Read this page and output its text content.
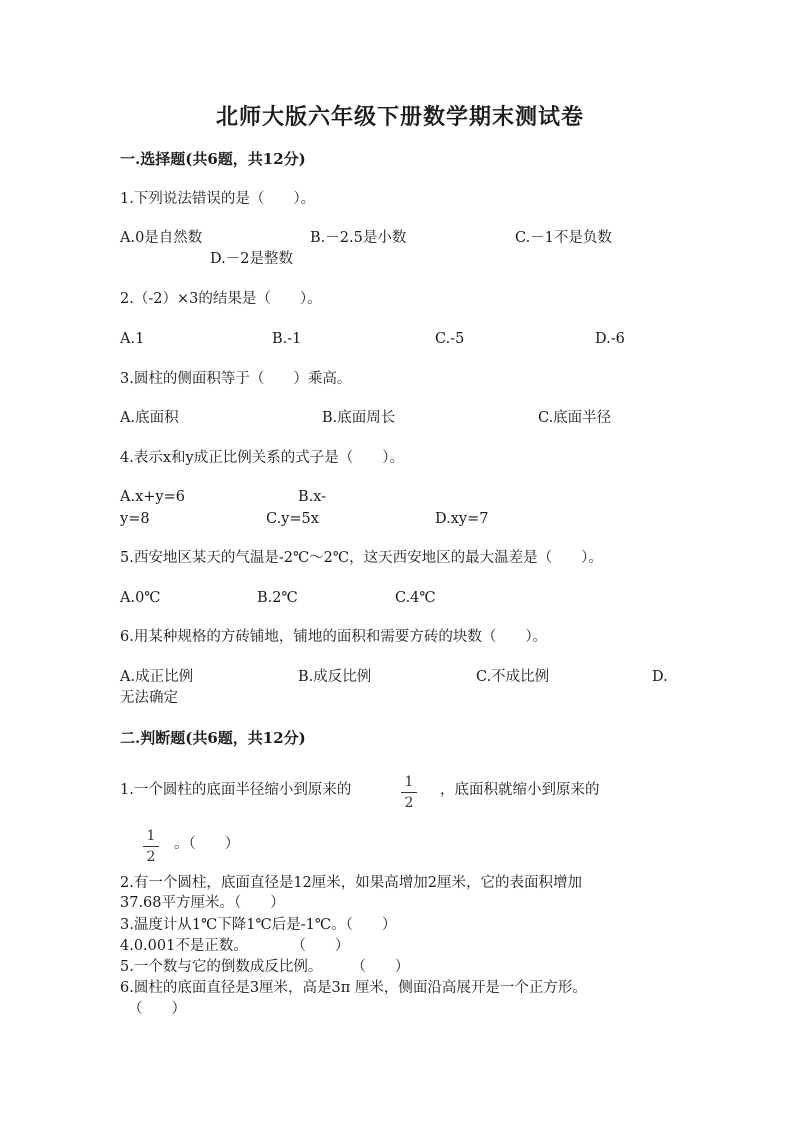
北师大版六年级下册数学期末测试卷
一.选择题(共6题，共12分)
1.下列说法错误的是（　　）。
A.0是自然数	B.－2.5是小数	C.－1不是负数
D.－2是整数
2.（-2）×3的结果是（　　）。
A.1	B.-1	C.-5	D.-6
3.圆柱的侧面积等于（　　）乘高。
A.底面积	B.底面周长	C.底面半径
4.表示x和y成正比例关系的式子是（　　）。
A.x+y=6	B.x-
y=8	C.y=5x	D.xy=7
5.西安地区某天的气温是-2℃～2℃，这天西安地区的最大温差是（　　）。
A.0℃	B.2℃	C.4℃
6.用某种规格的方砖铺地，铺地的面积和需要方砖的块数（　　）。
A.成正比例	B.成反比例	C.不成比例	D.
无法确定
二.判断题(共6题，共12分)
1.一个圆柱的底面半径缩小到原来的	1
2
，底面积就缩小到原来的
1
2
。（　　）
2.有一个圆柱，底面直径是12厘米，如果高增加2厘米，它的表面积增加
37.68平方厘米。（　　）
3.温度计从1℃下降1℃后是-1℃。（　　）
4.0.001不是正数。　　　　（　　）
5.一个数与它的倒数成反比例。　　　（　　）
6.圆柱的底面直径是3厘米，高是3π 厘米，侧面沿高展开是一个正方形。
（　　）
